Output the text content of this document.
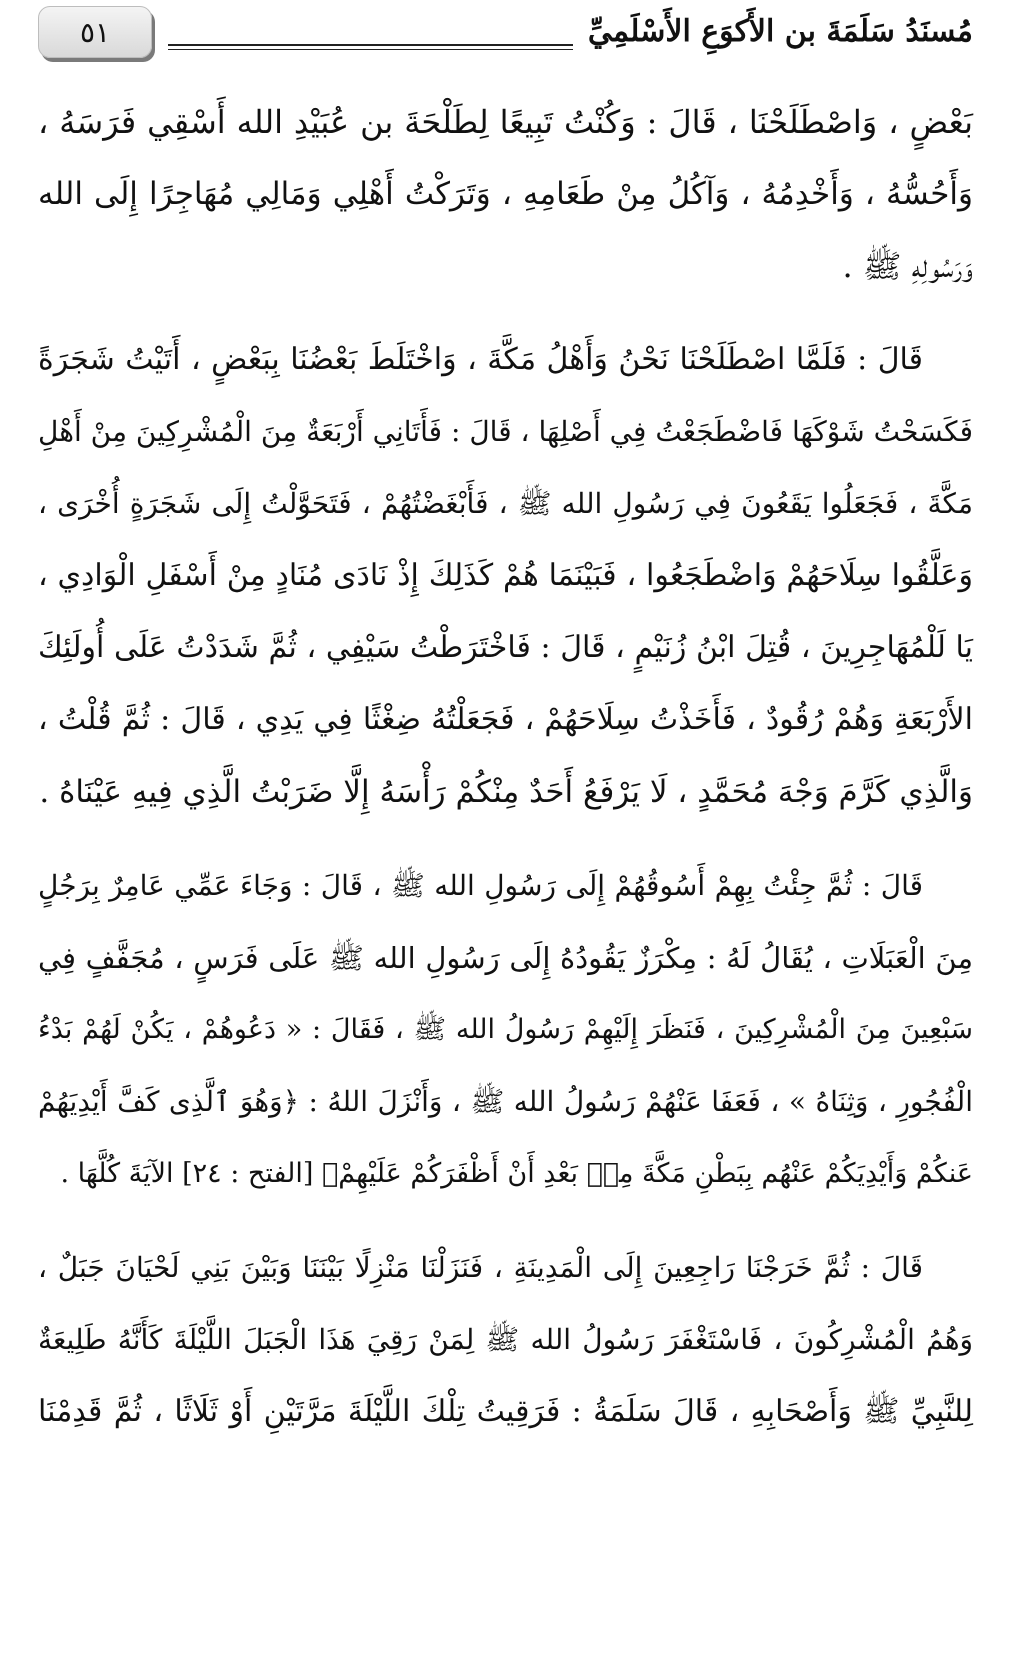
مُسنَدُ سَلَمَةَ بن الأَكوَعِ الأَسْلَمِيِّ
٥١
بَعْضٍ ، وَاصْطَلَحْنَا ، قَالَ : وَكُنْتُ تَبِيعًا لِطَلْحَةَ بن عُبَيْدِ الله أَسْقِي فَرَسَهُ ،
وَأَحُسُّهُ ، وَأَخْدِمُهُ ، وَآكُلُ مِنْ طَعَامِهِ ، وَتَرَكْتُ أَهْلِي وَمَالِي مُهَاجِرًا إِلَى الله
وَرَسُولِهِ ﷺ .
قَالَ : فَلَمَّا اصْطَلَحْنَا نَحْنُ وَأَهْلُ مَكَّةَ ، وَاخْتَلَطَ بَعْضُنَا بِبَعْضٍ ، أَتَيْتُ شَجَرَةً
فَكَسَحْتُ شَوْكَهَا فَاضْطَجَعْتُ فِي أَصْلِهَا ، قَالَ : فَأَتَانِي أَرْبَعَةٌ مِنَ الْمُشْرِكِينَ مِنْ أَهْلِ
مَكَّةَ ، فَجَعَلُوا يَقَعُونَ فِي رَسُولِ الله ﷺ ، فَأَبْغَضْتُهُمْ ، فَتَحَوَّلْتُ إِلَى شَجَرَةٍ أُخْرَى ،
وَعَلَّقُوا سِلَاحَهُمْ وَاضْطَجَعُوا ، فَبَيْنَمَا هُمْ كَذَلِكَ إِذْ نَادَى مُنَادٍ مِنْ أَسْفَلِ الْوَادِي ،
يَا لَلْمُهَاجِرِينَ ، قُتِلَ ابْنُ زُنَيْمٍ ، قَالَ : فَاخْتَرَطْتُ سَيْفِي ، ثُمَّ شَدَدْتُ عَلَى أُولَئِكَ
الأَرْبَعَةِ وَهُمْ رُقُودٌ ، فَأَخَذْتُ سِلَاحَهُمْ ، فَجَعَلْتُهُ ضِغْثًا فِي يَدِي ، قَالَ : ثُمَّ قُلْتُ ،
وَالَّذِي كَرَّمَ وَجْهَ مُحَمَّدٍ ، لَا يَرْفَعُ أَحَدٌ مِنْكُمْ رَأْسَهُ إِلَّا ضَرَبْتُ الَّذِي فِيهِ عَيْنَاهُ .
قَالَ : ثُمَّ جِئْتُ بِهِمْ أَسُوقُهُمْ إِلَى رَسُولِ الله ﷺ ، قَالَ : وَجَاءَ عَمِّي عَامِرٌ بِرَجُلٍ
مِنَ الْعَبَلَاتِ ، يُقَالُ لَهُ : مِكْرَزٌ يَقُودُهُ إِلَى رَسُولِ الله ﷺ عَلَى فَرَسٍ ، مُجَفَّفٍ فِي
سَبْعِينَ مِنَ الْمُشْرِكِينَ ، فَنَظَرَ إِلَيْهِمْ رَسُولُ الله ﷺ ، فَقَالَ : « دَعُوهُمْ ، يَكُنْ لَهُمْ بَدْءُ
الْفُجُورِ ، وَثِنَاهُ » ، فَعَفَا عَنْهُمْ رَسُولُ الله ﷺ ، وَأَنْزَلَ اللهُ : ﴿وَهُوَ ٱلَّذِى كَفَّ أَيْدِيَهُمْ
عَنكُمْ وَأَيْدِيَكُمْ عَنْهُم بِبَطْنِ مَكَّةَ مِنۢ بَعْدِ أَنْ أَظْفَرَكُمْ عَلَيْهِمْ﴾ [الفتح : ٢٤] الآيَةَ كُلَّهَا .
قَالَ : ثُمَّ خَرَجْنَا رَاجِعِينَ إِلَى الْمَدِينَةِ ، فَنَزَلْنَا مَنْزِلًا بَيْنَنَا وَبَيْنَ بَنِي لَحْيَانَ جَبَلٌ ،
وَهُمُ الْمُشْرِكُونَ ، فَاسْتَغْفَرَ رَسُولُ الله ﷺ لِمَنْ رَقِيَ هَذَا الْجَبَلَ اللَّيْلَةَ كَأَنَّهُ طَلِيعَةٌ
لِلنَّبِيِّ ﷺ وَأَصْحَابِهِ ، قَالَ سَلَمَةُ : فَرَقِيتُ تِلْكَ اللَّيْلَةَ مَرَّتَيْنِ أَوْ ثَلَاثًا ، ثُمَّ قَدِمْنَا
